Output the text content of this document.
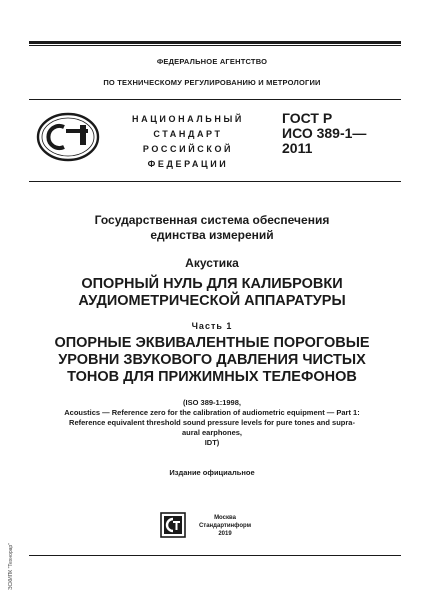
ФЕДЕРАЛЬНОЕ АГЕНТСТВО
ПО ТЕХНИЧЕСКОМУ РЕГУЛИРОВАНИЮ И МЕТРОЛОГИИ
НАЦИОНАЛЬНЫЙ
СТАНДАРТ
РОССИЙСКОЙ
ФЕДЕРАЦИИ
ГОСТ Р
ИСО 389-1—
2011
Государственная система обеспечения
единства измерений
Акустика
ОПОРНЫЙ НУЛЬ ДЛЯ КАЛИБРОВКИ
АУДИОМЕТРИЧЕСКОЙ АППАРАТУРЫ
Часть 1
ОПОРНЫЕ ЭКВИВАЛЕНТНЫЕ ПОРОГОВЫЕ
УРОВНИ ЗВУКОВОГО ДАВЛЕНИЯ ЧИСТЫХ
ТОНОВ ДЛЯ ПРИЖИМНЫХ ТЕЛЕФОНОВ
(ISO 389-1:1998,
Acoustics — Reference zero for the calibration of audiometric equipment — Part 1:
Reference equivalent threshold sound pressure levels for pure tones and supra-
aural earphones,
IDT)
Издание официальное
Москва
Стандартинформ
2019
ЭСКИПК "Технорар"
